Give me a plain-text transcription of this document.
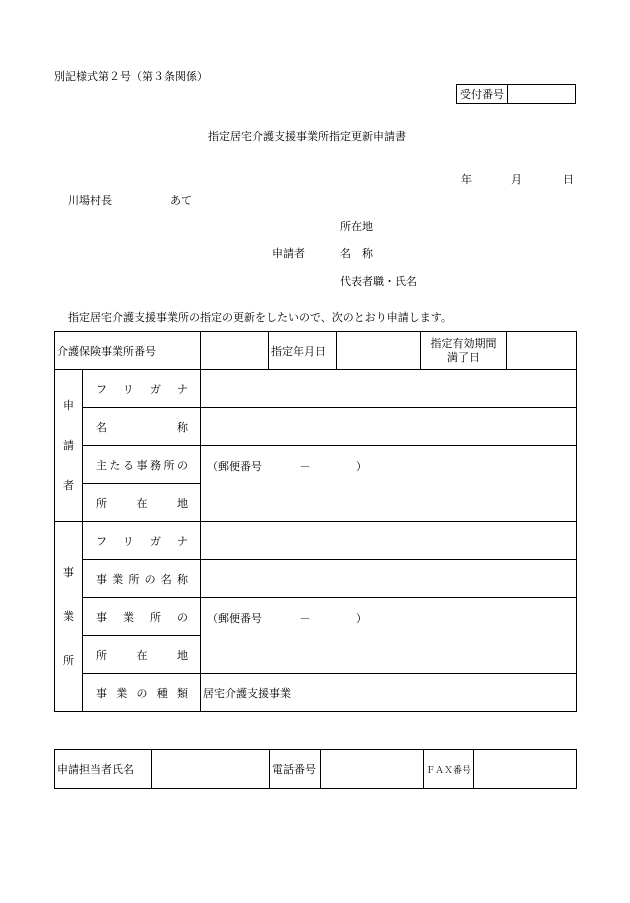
別記様式第２号（第３条関係）
受付番号	
指定居宅介護支援事業所指定更新申請書
年	月	日
川場村長	あて
所在地
申請者	名　称
代表者職・氏名
指定居宅介護支援事業所の指定の更新をしたいので、次のとおり申請します。
介護保険事業所番号			指定年月日		指定有効期間
満了日	

申
請
者	フリガナ					
	名称					
	主たる事務所の	（郵便番号 － ）				
	所在地					

事
業
所	フリガナ					
	事業所の名称					
	事業所の	（郵便番号 － ）				
	所在地					
	事業の種類	居宅介護支援事業				
申請担当者氏名		電話番号		ＦＡＸ番号	
